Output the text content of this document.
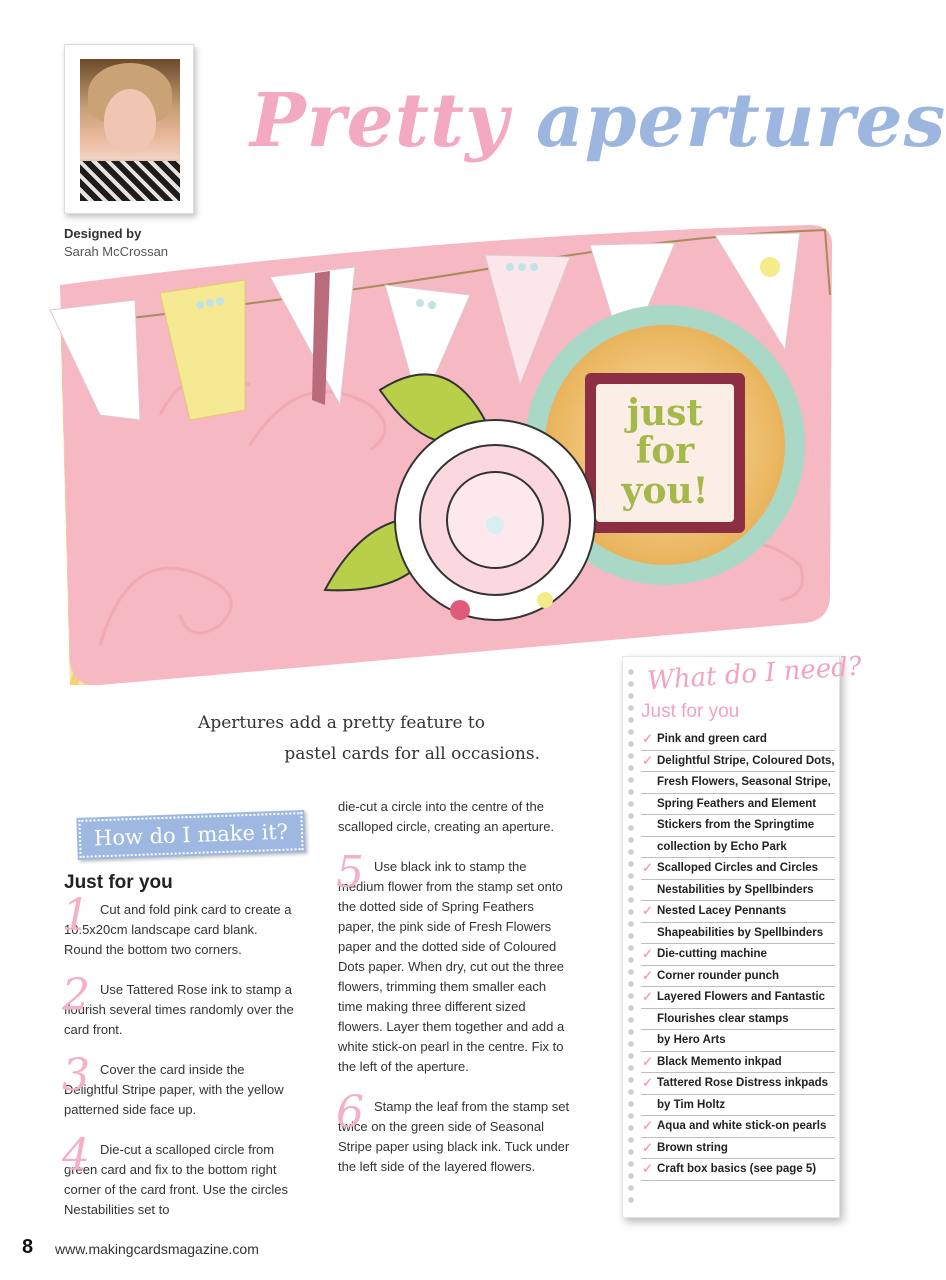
Designed by
Sarah McCrossan
Pretty apertures
just
for
you!
Apertures add a pretty feature to
pastel cards for all occasions.
How do I make it?
Just for you
1 Cut and fold pink card to create a 10.5x20cm landscape card blank. Round the bottom two corners.
2 Use Tattered Rose ink to stamp a flourish several times randomly over the card front.
3 Cover the card inside the Delightful Stripe paper, with the yellow patterned side face up.
4 Die-cut a scalloped circle from green card and fix to the bottom right corner of the card front. Use the circles Nestabilities set to
die-cut a circle into the centre of the scalloped circle, creating an aperture.
5 Use black ink to stamp the medium flower from the stamp set onto the dotted side of Spring Feathers paper, the pink side of Fresh Flowers paper and the dotted side of Coloured Dots paper. When dry, cut out the three flowers, trimming them smaller each time making three different sized flowers. Layer them together and add a white stick-on pearl in the centre. Fix to the left of the aperture.
6 Stamp the leaf from the stamp set twice on the green side of Seasonal Stripe paper using black ink. Tuck under the left side of the layered flowers.
What do I need?
Just for you
✓ Pink and green card
✓ Delightful Stripe, Coloured Dots,
Fresh Flowers, Seasonal Stripe,
Spring Feathers and Element
Stickers from the Springtime
collection by Echo Park
✓ Scalloped Circles and Circles
Nestabilities by Spellbinders
✓ Nested Lacey Pennants
Shapeabilities by Spellbinders
✓ Die-cutting machine
✓ Corner rounder punch
✓ Layered Flowers and Fantastic
Flourishes clear stamps
by Hero Arts
✓ Black Memento inkpad
✓ Tattered Rose Distress inkpads
by Tim Holtz
✓ Aqua and white stick-on pearls
✓ Brown string
✓ Craft box basics (see page 5)
8 www.makingcardsmagazine.com
